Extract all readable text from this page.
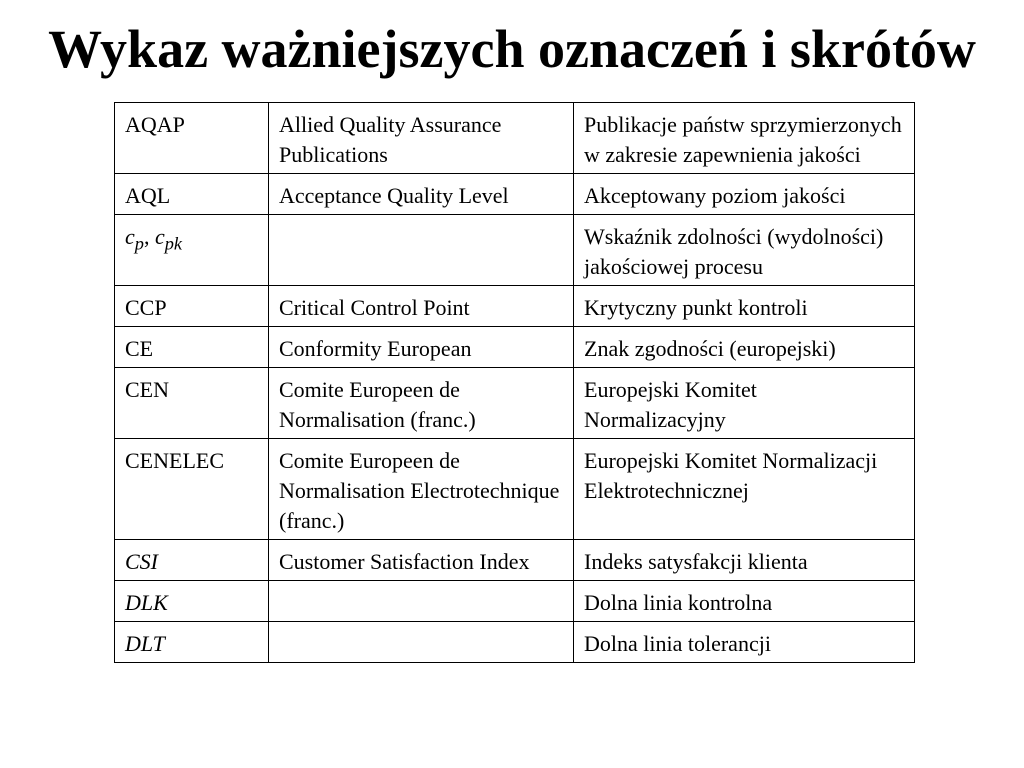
Wykaz ważniejszych oznaczeń i skrótów
AQAP	Allied Quality Assurance Publications	Publikacje państw sprzymierzonych w zakresie zapewnienia jakości
AQL	Acceptance Quality Level	Akceptowany poziom jakości
$c_p$, $c_{pk}$		Wskaźnik zdolności (wydolności) jakościowej procesu
CCP	Critical Control Point	Krytyczny punkt kontroli
CE	Conformity European	Znak zgodności (europejski)
CEN	Comite Europeen de Normalisation (franc.)	Europejski Komitet Normalizacyjny
CENELEC	Comite Europeen de Normalisation Electrotechnique (franc.)	Europejski Komitet Normalizacji Elektrotechnicznej
CSI	Customer Satisfaction Index	Indeks satysfakcji klienta
DLK		Dolna linia kontrolna
DLT		Dolna linia tolerancji
